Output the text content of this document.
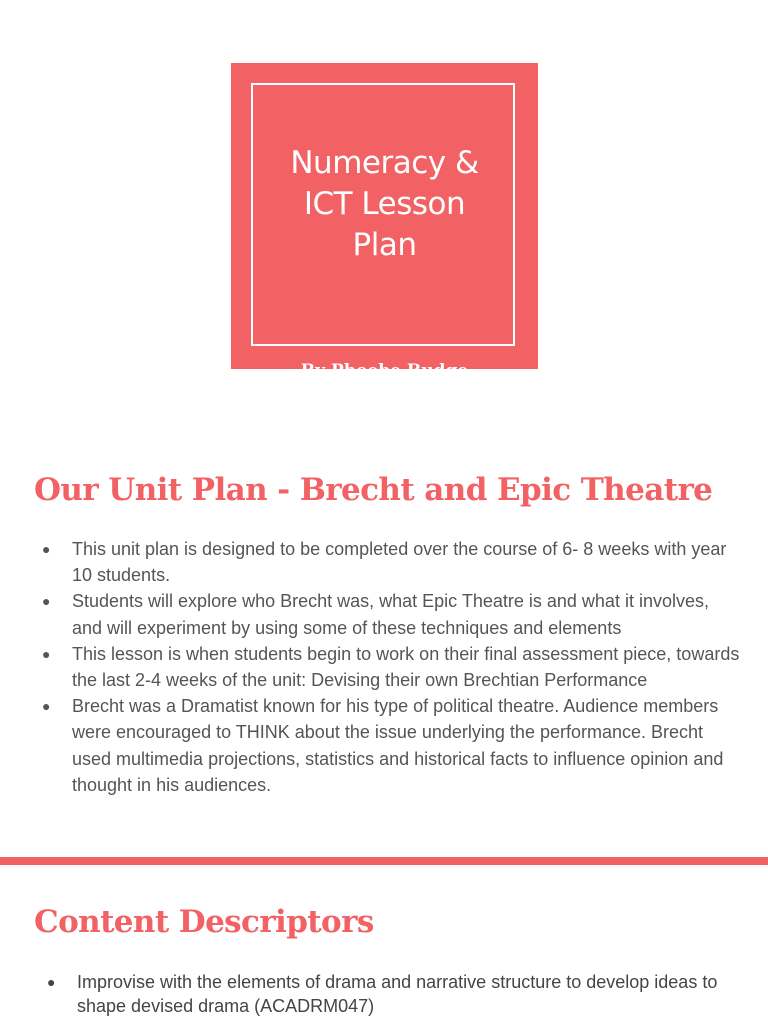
Numeracy &
ICT Lesson
Plan
By Phoebe Budge
Our Unit Plan - Brecht and Epic Theatre
● This unit plan is designed to be completed over the course of 6- 8 weeks with year 10 students.
● Students will explore who Brecht was, what Epic Theatre is and what it involves, and will experiment by using some of these techniques and elements
● This lesson is when students begin to work on their final assessment piece, towards the last 2-4 weeks of the unit: Devising their own Brechtian Performance
● Brecht was a Dramatist known for his type of political theatre. Audience members were encouraged to THINK about the issue underlying the performance. Brecht used multimedia projections, statistics and historical facts to influence opinion and thought in his audiences.
Content Descriptors
● Improvise with the elements of drama and narrative structure to develop ideas to shape devised drama (ACADRM047)
